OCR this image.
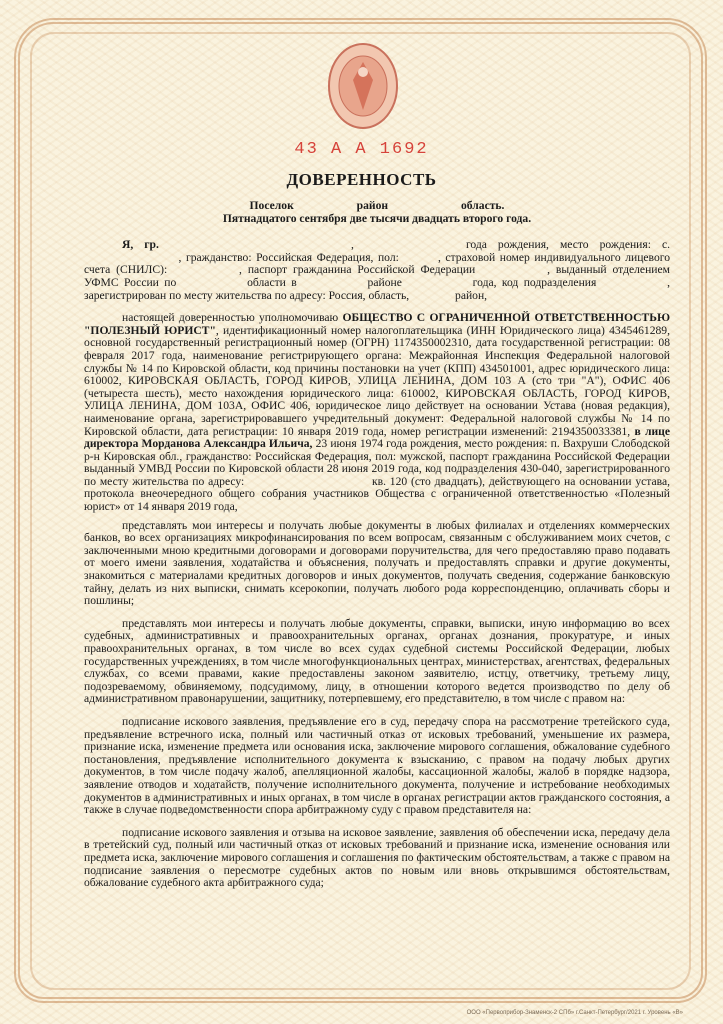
43 А А 1692
ДОВЕРЕННОСТЬ
Поселок	район	область.
Пятнадцатого сентября две тысячи двадцать второго года.

Я, гр.	,	года рождения, место рождения: с.  , гражданство: Российская Федерация, пол:	, страховой номер индивидуального лицевого счета (СНИЛС):	, паспорт гражданина Российской Федерации	, выданный отделением УФМС России по	области в	районе	года, код подразделения	, зарегистрирован по месту жительства по адресу: Россия, область,	район,

настоящей доверенностью уполномочиваю ОБЩЕСТВО С ОГРАНИЧЕННОЙ ОТВЕТСТВЕННОСТЬЮ "ПОЛЕЗНЫЙ ЮРИСТ", идентификационный номер налогоплательщика (ИНН Юридического лица) 4345461289, основной государственный регистрационный номер (ОГРН) 1174350002310, дата государственной регистрации: 08 февраля 2017 года, наименование регистрирующего органа: Межрайонная Инспекция Федеральной налоговой службы № 14 по Кировской области, код причины постановки на учет (КПП) 434501001, адрес юридического лица: 610002, КИРОВСКАЯ ОБЛАСТЬ, ГОРОД КИРОВ, УЛИЦА ЛЕНИНА, ДОМ 103 А (сто три "А"), ОФИС 406 (четыреста шесть), место нахождения юридического лица: 610002, КИРОВСКАЯ ОБЛАСТЬ, ГОРОД КИРОВ, УЛИЦА ЛЕНИНА, ДОМ 103А, ОФИС 406, юридическое лицо действует на основании Устава (новая редакция), наименование органа, зарегистрировавшего учредительный документ: Федеральной налоговой службы № 14 по Кировской области, дата регистрации: 10 января 2019 года, номер регистрации изменений: 2194350033381, в лице директора Морданова Александра Ильича, 23 июня 1974 года рождения, место рождения: п. Вахруши Слободской р-н Кировская обл., гражданство: Российская Федерация, пол: мужской, паспорт гражданина Российской Федерации выданный УМВД России по Кировской области 28 июня 2019 года, код подразделения 430-040, зарегистрированного по месту жительства по адресу:	кв. 120 (сто двадцать), действующего на основании устава, протокола внеочередного общего собрания участников Общества с ограниченной ответственностью «Полезный юрист» от 14 января 2019 года,

представлять мои интересы и получать любые документы в любых филиалах и отделениях коммерческих банков, во всех организациях микрофинансирования по всем вопросам, связанным с обслуживанием моих счетов, с заключенными мною кредитными договорами и договорами поручительства, для чего предоставляю право подавать от моего имени заявления, ходатайства и объяснения, получать и предоставлять справки и другие документы, знакомиться с материалами кредитных договоров и иных документов, получать сведения, содержание банковскую тайну, делать из них выписки, снимать ксерокопии, получать любого рода корреспонденцию, оплачивать сборы и пошлины;

представлять мои интересы и получать любые документы, справки, выписки, иную информацию во всех судебных, административных и правоохранительных органах, органах дознания, прокуратуре, и иных правоохранительных органах, в том числе во всех судах судебной системы Российской Федерации, любых государственных учреждениях, в том числе многофункциональных центрах, министерствах, агентствах, федеральных службах, со всеми правами, какие предоставлены законом заявителю, истцу, ответчику, третьему лицу, подозреваемому, обвиняемому, подсудимому, лицу, в отношении которого ведется производство по делу об административном правонарушении, защитнику, потерпевшему, его представителю, в том числе с правом на:

подписание искового заявления, предъявление его в суд, передачу спора на рассмотрение третейского суда, предъявление встречного иска, полный или частичный отказ от исковых требований, уменьшение их размера, признание иска, изменение предмета или основания иска, заключение мирового соглашения, обжалование судебного постановления, предъявление исполнительного документа к взысканию, с правом на подачу любых других документов, в том числе подачу жалоб, апелляционной жалобы, кассационной жалобы, жалоб в порядке надзора, заявление отводов и ходатайств, получение исполнительного документа, получение и истребование необходимых документов в административных и иных органах, в том числе в органах регистрации актов гражданского состояния, а также в случае подведомственности спора арбитражному суду с правом представителя на:

подписание искового заявления и отзыва на исковое заявление, заявления об обеспечении иска, передачу дела в третейский суд, полный или частичный отказ от исковых требований и признание иска, изменение основания или предмета иска, заключение мирового соглашения и соглашения по фактическим обстоятельствам, а также с правом на подписание заявления о пересмотре судебных актов по новым или вновь открывшимся обстоятельствам, обжалование судебного акта арбитражного суда;

ООО «Первоприбор-Знаменск-2 СПб» г.Санкт-Петербург/2021 г. Уровень «В»
